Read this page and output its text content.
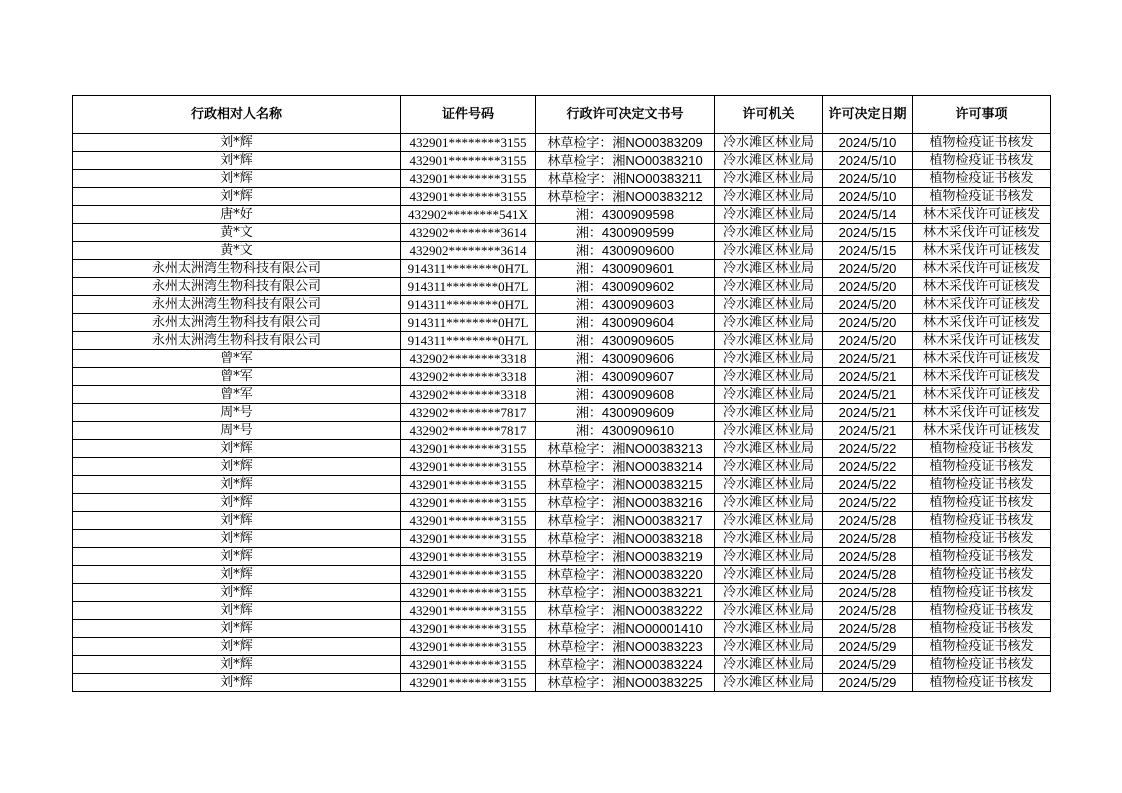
行政相对人名称	证件号码	行政许可决定文书号	许可机关	许可决定日期	许可事项
刘*辉	432901********3155	林草检字：湘NO00383209	冷水滩区林业局	2024/5/10	植物检疫证书核发
刘*辉	432901********3155	林草检字：湘NO00383210	冷水滩区林业局	2024/5/10	植物检疫证书核发
刘*辉	432901********3155	林草检字：湘NO00383211	冷水滩区林业局	2024/5/10	植物检疫证书核发
刘*辉	432901********3155	林草检字：湘NO00383212	冷水滩区林业局	2024/5/10	植物检疫证书核发
唐*好	432902********541X	湘：4300909598	冷水滩区林业局	2024/5/14	林木采伐许可证核发
黄*文	432902********3614	湘：4300909599	冷水滩区林业局	2024/5/15	林木采伐许可证核发
黄*文	432902********3614	湘：4300909600	冷水滩区林业局	2024/5/15	林木采伐许可证核发
永州太洲湾生物科技有限公司	914311********0H7L	湘：4300909601	冷水滩区林业局	2024/5/20	林木采伐许可证核发
永州太洲湾生物科技有限公司	914311********0H7L	湘：4300909602	冷水滩区林业局	2024/5/20	林木采伐许可证核发
永州太洲湾生物科技有限公司	914311********0H7L	湘：4300909603	冷水滩区林业局	2024/5/20	林木采伐许可证核发
永州太洲湾生物科技有限公司	914311********0H7L	湘：4300909604	冷水滩区林业局	2024/5/20	林木采伐许可证核发
永州太洲湾生物科技有限公司	914311********0H7L	湘：4300909605	冷水滩区林业局	2024/5/20	林木采伐许可证核发
曾*军	432902********3318	湘：4300909606	冷水滩区林业局	2024/5/21	林木采伐许可证核发
曾*军	432902********3318	湘：4300909607	冷水滩区林业局	2024/5/21	林木采伐许可证核发
曾*军	432902********3318	湘：4300909608	冷水滩区林业局	2024/5/21	林木采伐许可证核发
周*号	432902********7817	湘：4300909609	冷水滩区林业局	2024/5/21	林木采伐许可证核发
周*号	432902********7817	湘：4300909610	冷水滩区林业局	2024/5/21	林木采伐许可证核发
刘*辉	432901********3155	林草检字：湘NO00383213	冷水滩区林业局	2024/5/22	植物检疫证书核发
刘*辉	432901********3155	林草检字：湘NO00383214	冷水滩区林业局	2024/5/22	植物检疫证书核发
刘*辉	432901********3155	林草检字：湘NO00383215	冷水滩区林业局	2024/5/22	植物检疫证书核发
刘*辉	432901********3155	林草检字：湘NO00383216	冷水滩区林业局	2024/5/22	植物检疫证书核发
刘*辉	432901********3155	林草检字：湘NO00383217	冷水滩区林业局	2024/5/28	植物检疫证书核发
刘*辉	432901********3155	林草检字：湘NO00383218	冷水滩区林业局	2024/5/28	植物检疫证书核发
刘*辉	432901********3155	林草检字：湘NO00383219	冷水滩区林业局	2024/5/28	植物检疫证书核发
刘*辉	432901********3155	林草检字：湘NO00383220	冷水滩区林业局	2024/5/28	植物检疫证书核发
刘*辉	432901********3155	林草检字：湘NO00383221	冷水滩区林业局	2024/5/28	植物检疫证书核发
刘*辉	432901********3155	林草检字：湘NO00383222	冷水滩区林业局	2024/5/28	植物检疫证书核发
刘*辉	432901********3155	林草检字：湘NO00001410	冷水滩区林业局	2024/5/28	植物检疫证书核发
刘*辉	432901********3155	林草检字：湘NO00383223	冷水滩区林业局	2024/5/29	植物检疫证书核发
刘*辉	432901********3155	林草检字：湘NO00383224	冷水滩区林业局	2024/5/29	植物检疫证书核发
刘*辉	432901********3155	林草检字：湘NO00383225	冷水滩区林业局	2024/5/29	植物检疫证书核发
